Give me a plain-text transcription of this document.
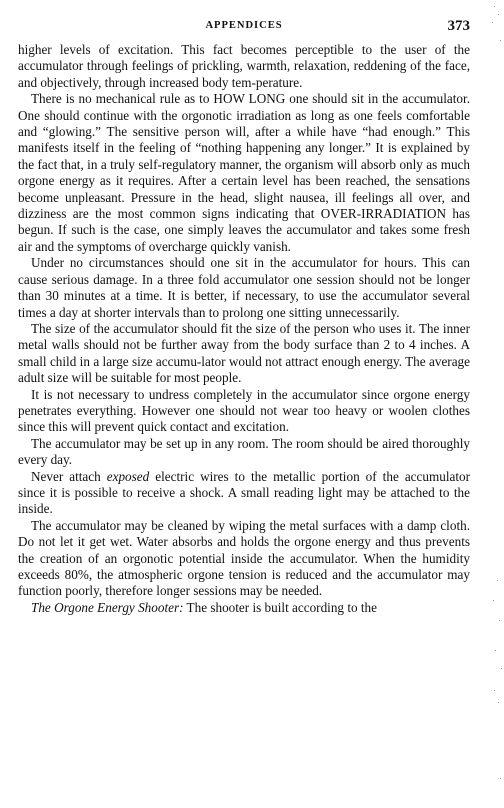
APPENDICES	373

higher levels of excitation. This fact becomes perceptible to the user of the accumulator through feelings of prickling, warmth, relaxation, reddening of the face, and objectively, through increased body tem-perature.

There is no mechanical rule as to HOW LONG one should sit in the accumulator. One should continue with the orgonotic irradiation as long as one feels comfortable and “glowing.” The sensitive person will, after a while have “had enough.” This manifests itself in the feeling of “nothing happening any longer.” It is explained by the fact that, in a truly self-regulatory manner, the organism will absorb only as much orgone energy as it requires. After a certain level has been reached, the sensations become unpleasant. Pressure in the head, slight nausea, ill feelings all over, and dizziness are the most common signs indicating that OVER-IRRADIATION has begun. If such is the case, one simply leaves the accumulator and takes some fresh air and the symptoms of overcharge quickly vanish.

Under no circumstances should one sit in the accumulator for hours. This can cause serious damage. In a three fold accumulator one session should not be longer than 30 minutes at a time. It is better, if necessary, to use the accumulator several times a day at shorter intervals than to prolong one sitting unnecessarily.

The size of the accumulator should fit the size of the person who uses it. The inner metal walls should not be further away from the body surface than 2 to 4 inches. A small child in a large size accumu-lator would not attract enough energy. The average adult size will be suitable for most people.

It is not necessary to undress completely in the accumulator since orgone energy penetrates everything. However one should not wear too heavy or woolen clothes since this will prevent quick contact and excitation.

The accumulator may be set up in any room. The room should be aired thoroughly every day.

Never attach exposed electric wires to the metallic portion of the accumulator since it is possible to receive a shock. A small reading light may be attached to the inside.

The accumulator may be cleaned by wiping the metal surfaces with a damp cloth. Do not let it get wet. Water absorbs and holds the orgone energy and thus prevents the creation of an orgonotic potential inside the accumulator. When the humidity exceeds 80%, the atmospheric orgone tension is reduced and the accumulator may function poorly, therefore longer sessions may be needed.

The Orgone Energy Shooter: The shooter is built according to the
